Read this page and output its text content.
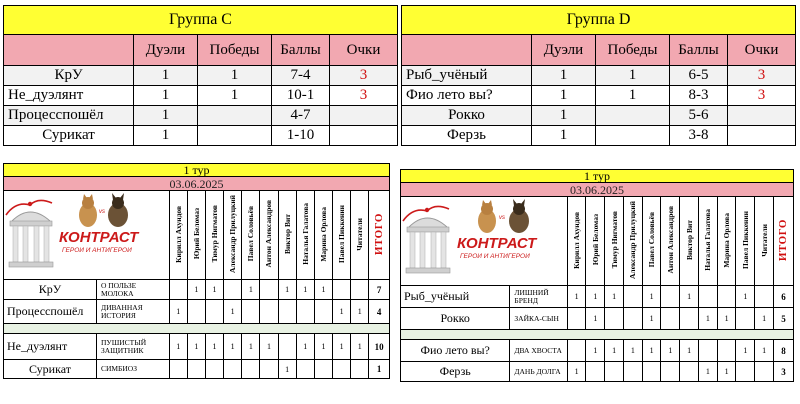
Группа С				
	Дуэли	Победы	Баллы	Очки
КрУ	1	1	7-4	3
Не_дуэлянт	1	1	10-1	3
Процесспошёл	1		4-7	
Сурикат	1		1-10	
Группа D				
	Дуэли	Победы	Баллы	Очки
Рыб_учёный	1	1	6-5	3
Фио лето вы?	1	1	8-3	3
Рокко	1		5-6	
Ферзь	1		3-8	
1 тур													
03.06.2025													

vs
КОНТРАСТ
ГЕРОИ И АНТИГЕРОИ		Кирилл Ахундов	Юрий Беломаз	Тимур Нигматов	Александр Прилуцкий	Павел Соловьёв	Антон Александров	Виктор Вит	Наталья Галатова	Марина Орлова	Павел Пиккенин	Читатели	ИТОГО
КрУ	О ПОЛЬЗЕ МОЛОКА		1	1		1		1	1	1			7
Процесспошёл	ДИВАННАЯ ИСТОРИЯ	1			1						1	1	4

Не_дуэлянт	ПУШИСТЫЙ ЗАЩИТНИК	1	1	1	1	1	1		1	1	1	1	10
Сурикат	СИМБИОЗ							1					1
1 тур													
03.06.2025													

vs
КОНТРАСТ
ГЕРОИ И АНТИГЕРОИ		Кирилл Ахундов	Юрий Беломаз	Тимур Нигматов	Александр Прилуцкий	Павел Соловьёв	Антон Александров	Виктор Вит	Наталья Галатова	Марина Орлова	Павел Пиккенин	Читатели	ИТОГО
Рыб_учёный	ЛИШНИЙ БРЕНД	1	1	1		1		1			1		6
Рокко	ЗАЙКА-СЫН		1			1			1	1		1	5

Фио лето вы?	ДВА ХВОСТА		1	1	1	1	1	1			1	1	8
Ферзь	ДАНЬ ДОЛГА	1							1	1			3
